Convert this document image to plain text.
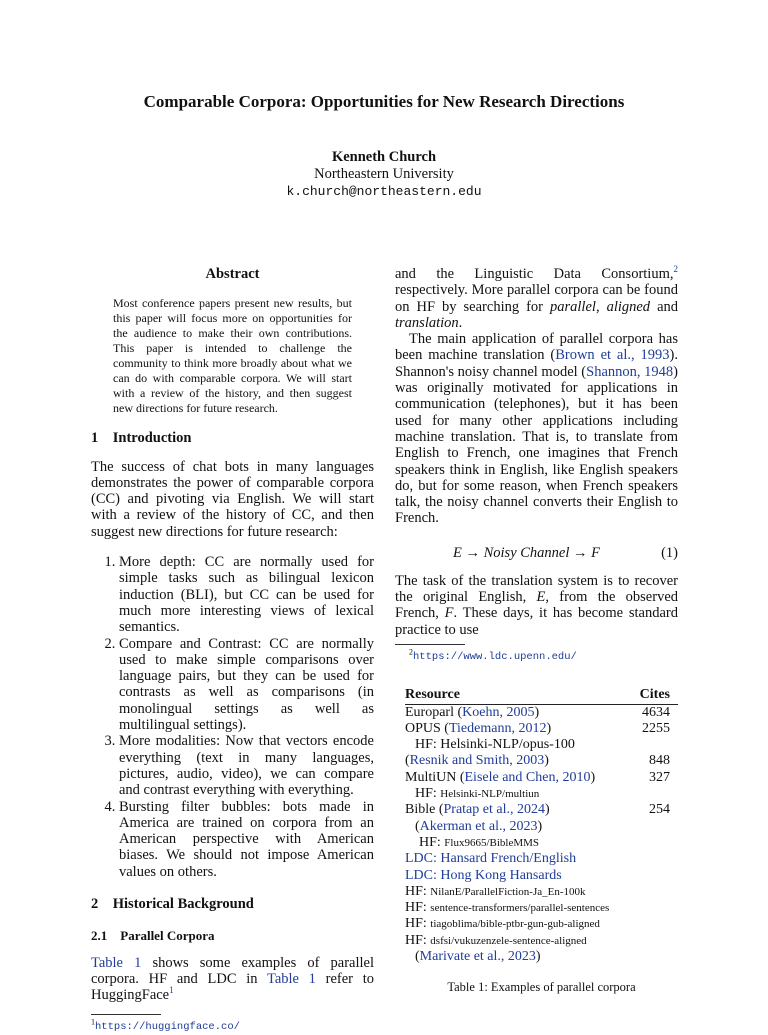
Comparable Corpora: Opportunities for New Research Directions
Kenneth Church
Northeastern University
k.church@northeastern.edu
Abstract
Most conference papers present new results, but this paper will focus more on opportunities for the audience to make their own contributions. This paper is intended to challenge the community to think more broadly about what we can do with comparable corpora. We will start with a review of the history, and then suggest new directions for future research.
1 Introduction

The success of chat bots in many languages demonstrates the power of comparable corpora (CC) and pivoting via English. We will start with a review of the history of CC, and then suggest new directions for future research:

1. More depth: CC are normally used for simple tasks such as bilingual lexicon induction (BLI), but CC can be used for much more interesting views of lexical semantics.
2. Compare and Contrast: CC are normally used to make simple comparisons over language pairs, but they can be used for contrasts as well as comparisons (in monolingual settings as well as multilingual settings).
3. More modalities: Now that vectors encode everything (text in many languages, pictures, audio, video), we can compare and contrast everything with everything.
4. Bursting filter bubbles: bots made in America are trained on corpora from an American perspective with American biases. We should not impose American values on others.
2 Historical Background
2.1 Parallel Corpora

Table 1 shows some examples of parallel corpora. HF and LDC in Table 1 refer to HuggingFace$^1$

$^1$https://huggingface.co/

and the Linguistic Data Consortium,$^2$ respectively. More parallel corpora can be found on HF by searching for parallel, aligned and translation.

The main application of parallel corpora has been machine translation (Brown et al., 1993). Shannon's noisy channel model (Shannon, 1948) was originally motivated for applications in communication (telephones), but it has been used for many other applications including machine translation. That is, to translate from English to French, one imagines that French speakers think in English, like English speakers do, but for some reason, when French speakers talk, the noisy channel converts their English to French.

E → Noisy Channel → F	(1)

The task of the translation system is to recover the original English, E, from the observed French, F. These days, it has become standard practice to use

$^2$https://www.ldc.upenn.edu/
Resource	Cites
Europarl (Koehn, 2005)	4634
OPUS (Tiedemann, 2012)	2255
HF: Helsinki-NLP/opus-100	
(Resnik and Smith, 2003)	848
MultiUN (Eisele and Chen, 2010)	327
HF: Helsinki-NLP/multiun	
Bible (Pratap et al., 2024)	254
(Akerman et al., 2023)	
HF: Flux9665/BibleMMS	
LDC: Hansard French/English	
LDC: Hong Kong Hansards	
HF: NilanE/ParallelFiction-Ja_En-100k	
HF: sentence-transformers/parallel-sentences	
HF: tiagoblima/bible-ptbr-gun-gub-aligned	
HF: dsfsi/vukuzenzele-sentence-aligned	
(Marivate et al., 2023)	
Table 1: Examples of parallel corpora
